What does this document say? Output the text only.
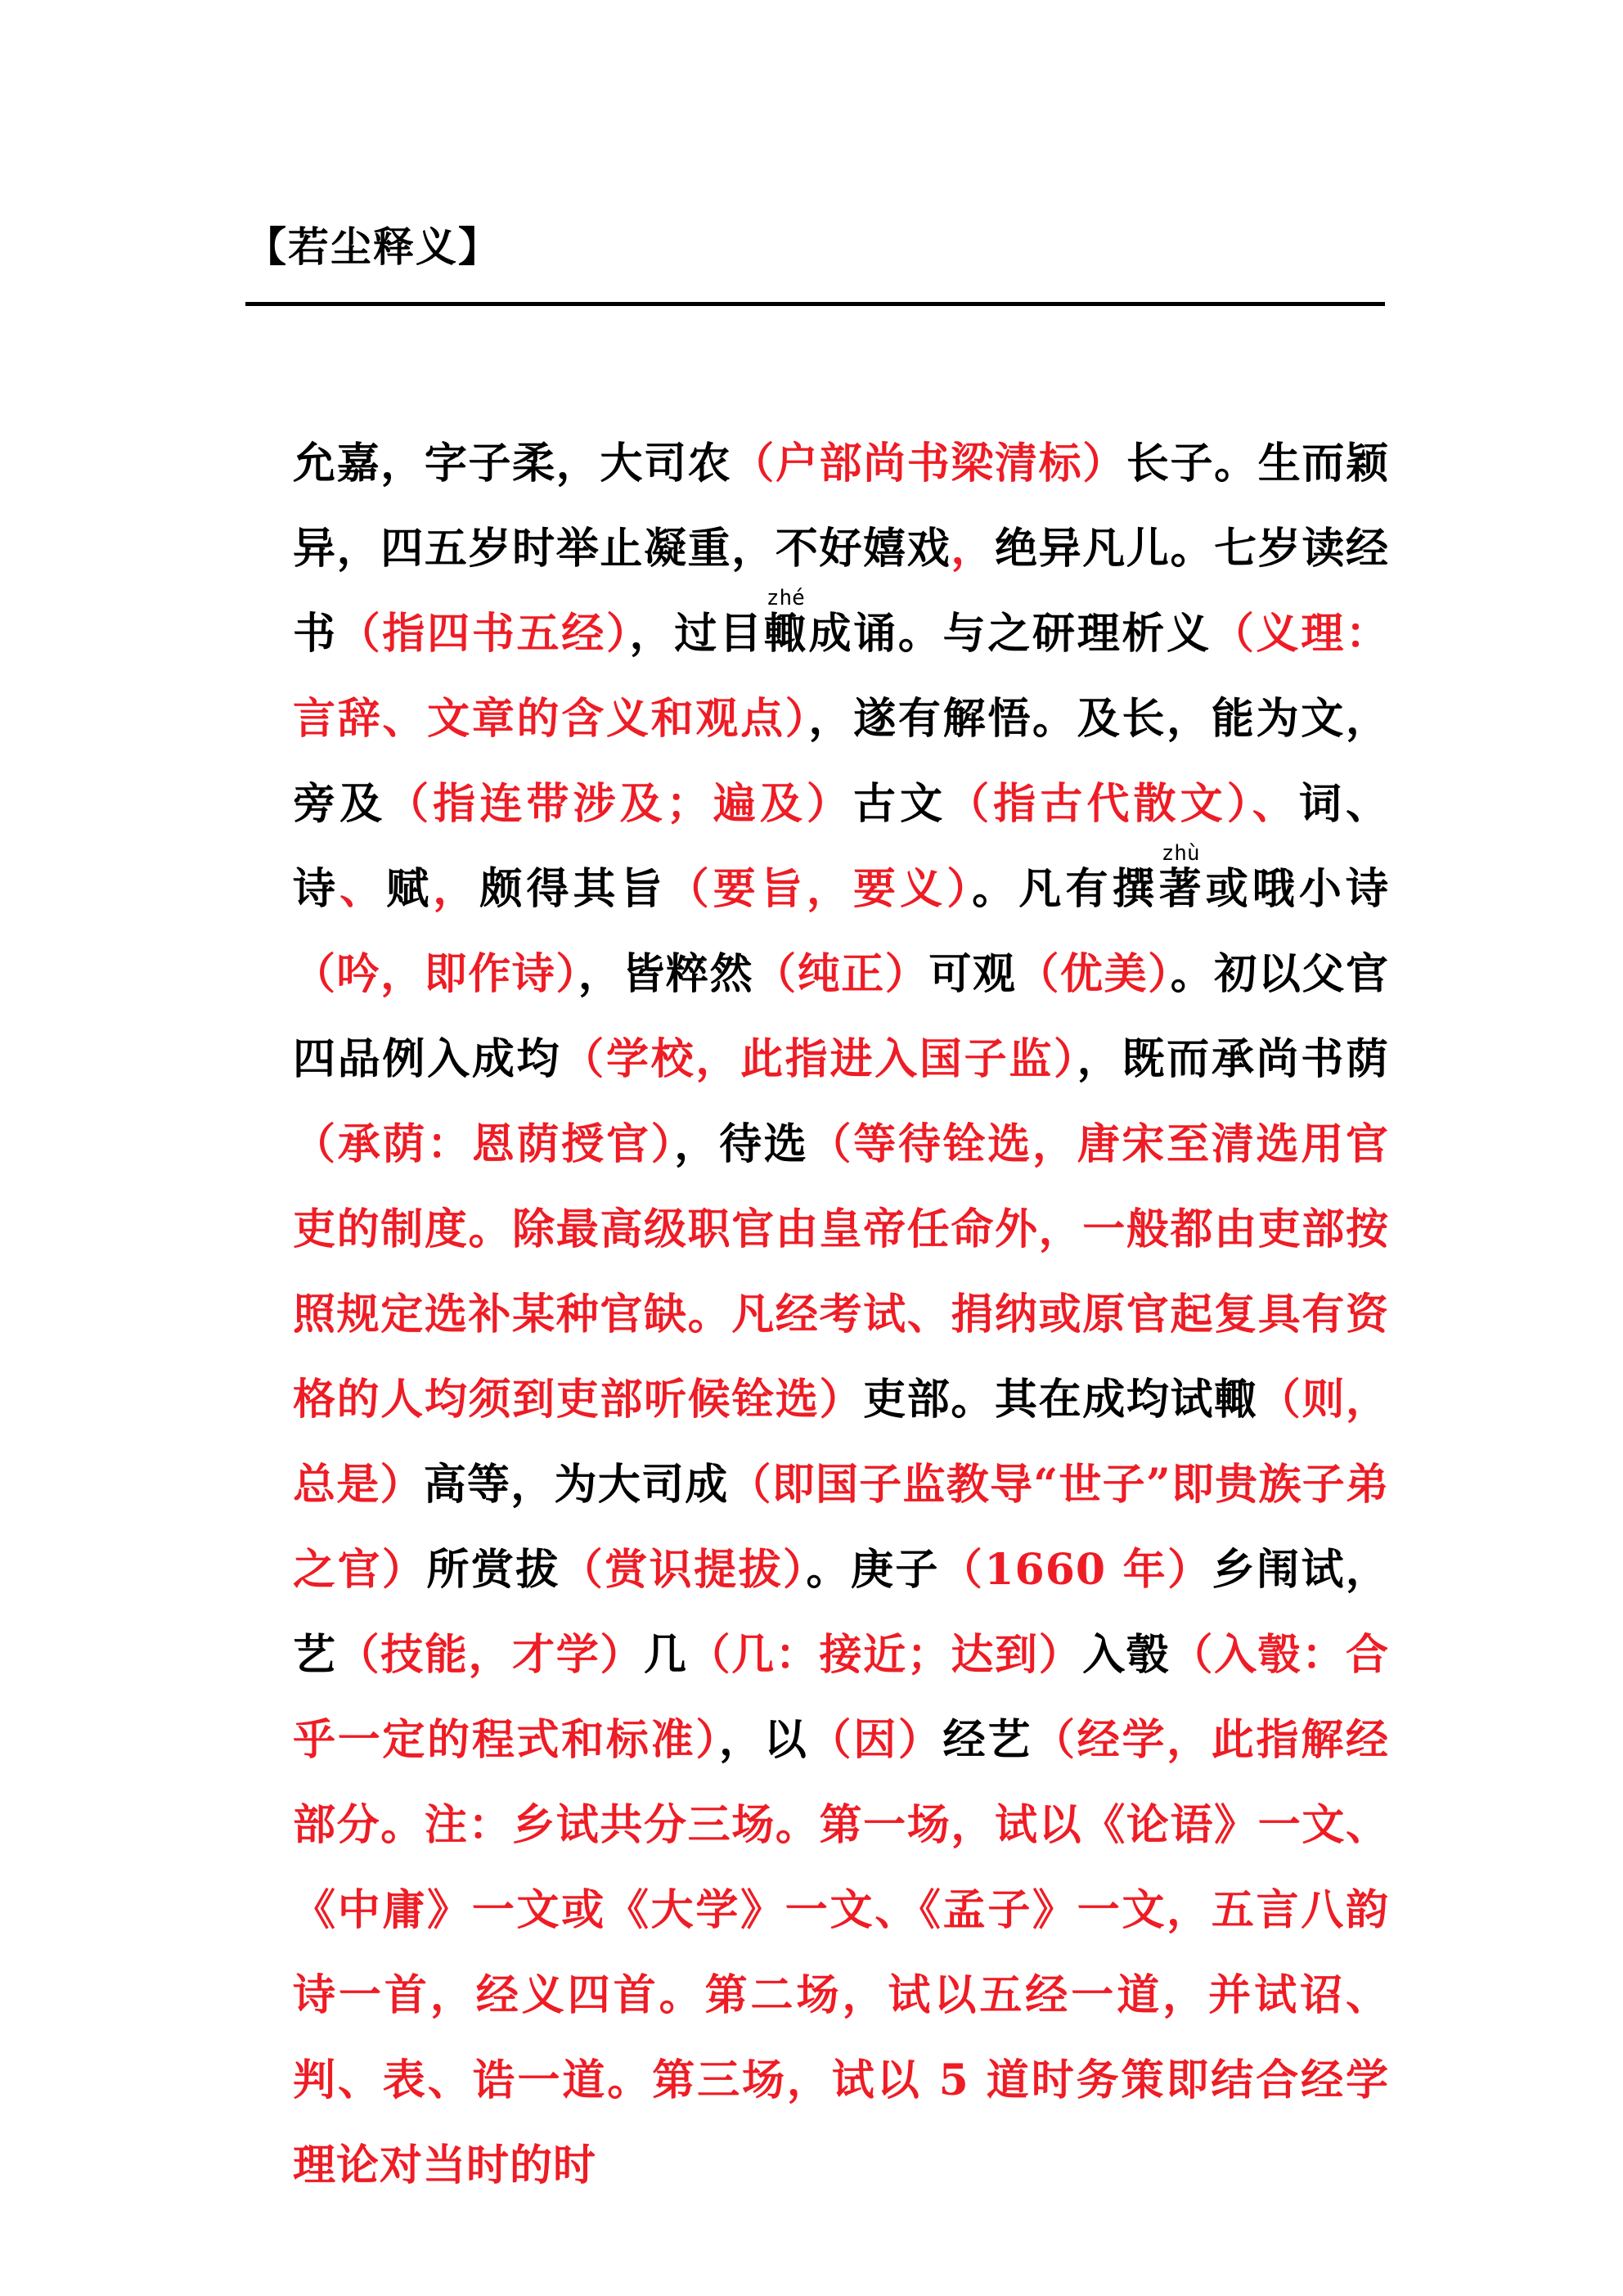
【若尘释义】
允嘉，字子柔，大司农（户部尚书梁清标）长子。生而颖异，四五岁时举止凝重，不好嬉戏，绝异凡儿。七岁读经书（指四书五经），过目輙zhé成诵。与之研理析义（义理：言辞、文章的含义和观点），遂有解悟。及长，能为文，旁及（指连带涉及；遍及）古文（指古代散文）、词、诗、赋，颇得其旨（要旨，要义）。凡有撰著zhù或哦小诗（吟，即作诗），皆粹然（纯正）可观（优美）。初以父官四品例入成均（学校，此指进入国子监），既而承尚书荫（承荫：恩荫授官），待选（等待铨选，唐宋至清选用官吏的制度。除最高级职官由皇帝任命外，一般都由吏部按照规定选补某种官缺。凡经考试、捐纳或原官起复具有资格的人均须到吏部听候铨选）吏部。其在成均试輙（则，总是）高等，为大司成（即国子监教导“世子”即贵族子弟之官）所赏拔（赏识提拔）。庚子（1660 年）乡闱试，艺（技能，才学）几（几：接近；达到）入彀（入彀：合乎一定的程式和标准），以（因）经艺（经学，此指解经部分。注：乡试共分三场。第一场，试以《论语》一文、《中庸》一文或《大学》一文、《孟子》一文，五言八韵诗一首，经义四首。第二场，试以五经一道，并试诏、判、表、诰一道。第三场，试以 5 道时务策即结合经学理论对当时的时
